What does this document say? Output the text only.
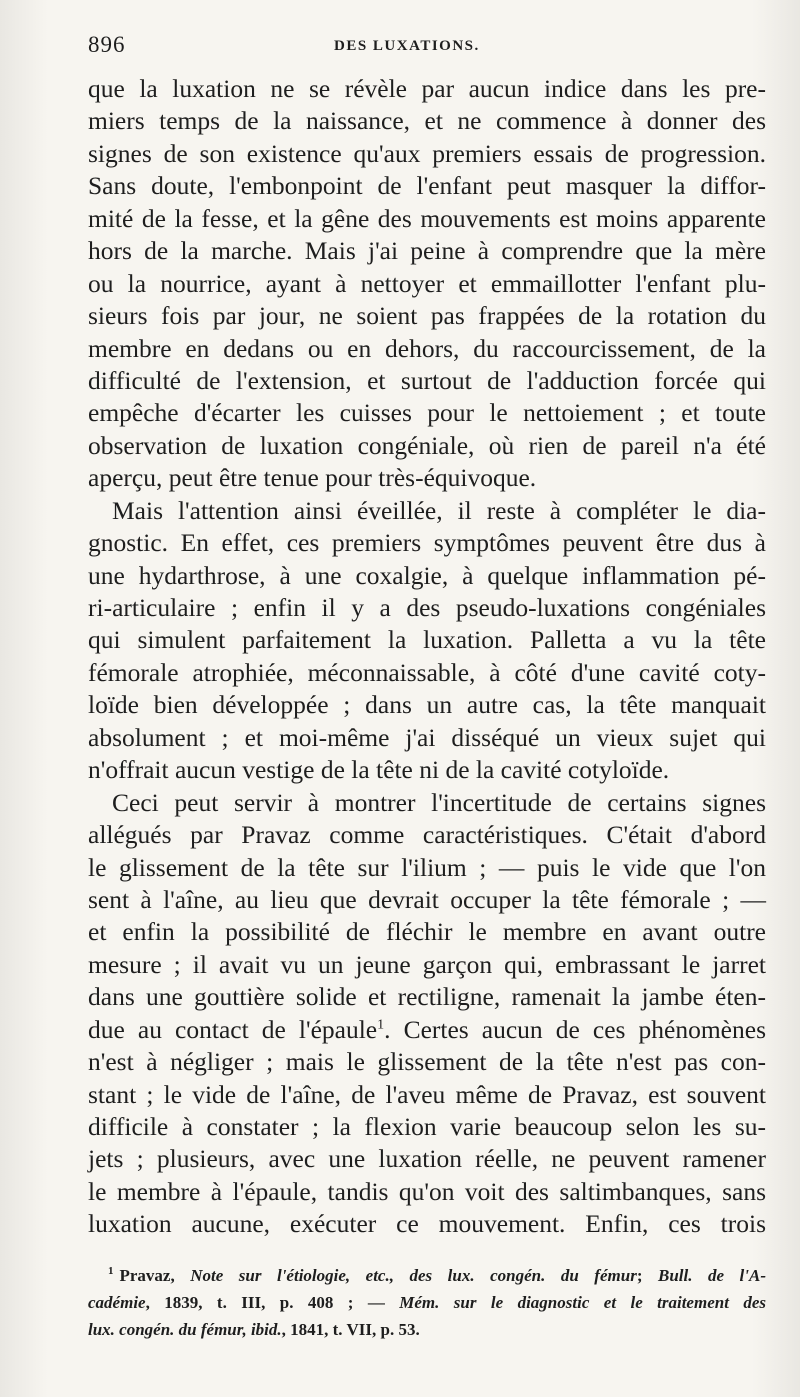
896	DES LUXATIONS.
que la luxation ne se révèle par aucun indice dans les pre-
miers temps de la naissance, et ne commence à donner des
signes de son existence qu'aux premiers essais de progression.
Sans doute, l'embonpoint de l'enfant peut masquer la diffor-
mité de la fesse, et la gêne des mouvements est moins apparente
hors de la marche. Mais j'ai peine à comprendre que la mère
ou la nourrice, ayant à nettoyer et emmaillotter l'enfant plu-
sieurs fois par jour, ne soient pas frappées de la rotation du
membre en dedans ou en dehors, du raccourcissement, de la
difficulté de l'extension, et surtout de l'adduction forcée qui
empêche d'écarter les cuisses pour le nettoiement ; et toute
observation de luxation congéniale, où rien de pareil n'a été
aperçu, peut être tenue pour très-équivoque.
Mais l'attention ainsi éveillée, il reste à compléter le dia-
gnostic. En effet, ces premiers symptômes peuvent être dus à
une hydarthrose, à une coxalgie, à quelque inflammation pé-
ri-articulaire ; enfin il y a des pseudo-luxations congéniales
qui simulent parfaitement la luxation. Palletta a vu la tête
fémorale atrophiée, méconnaissable, à côté d'une cavité coty-
loïde bien développée ; dans un autre cas, la tête manquait
absolument ; et moi-même j'ai disséqué un vieux sujet qui
n'offrait aucun vestige de la tête ni de la cavité cotyloïde.
Ceci peut servir à montrer l'incertitude de certains signes
allégués par Pravaz comme caractéristiques. C'était d'abord
le glissement de la tête sur l'ilium ; — puis le vide que l'on
sent à l'aîne, au lieu que devrait occuper la tête fémorale ; —
et enfin la possibilité de fléchir le membre en avant outre
mesure ; il avait vu un jeune garçon qui, embrassant le jarret
dans une gouttière solide et rectiligne, ramenait la jambe éten-
due au contact de l'épaule$^1$. Certes aucun de ces phénomènes
n'est à négliger ; mais le glissement de la tête n'est pas con-
stant ; le vide de l'aîne, de l'aveu même de Pravaz, est souvent
difficile à constater ; la flexion varie beaucoup selon les su-
jets ; plusieurs, avec une luxation réelle, ne peuvent ramener
le membre à l'épaule, tandis qu'on voit des saltimbanques, sans
luxation aucune, exécuter ce mouvement. Enfin, ces trois
$^1$ Pravaz, Note sur l'étiologie, etc., des lux. congén. du fémur; Bull. de l'A-
cadémie, 1839, t. III, p. 408 ; — Mém. sur le diagnostic et le traitement des
lux. congén. du fémur, ibid., 1841, t. VII, p. 53.
